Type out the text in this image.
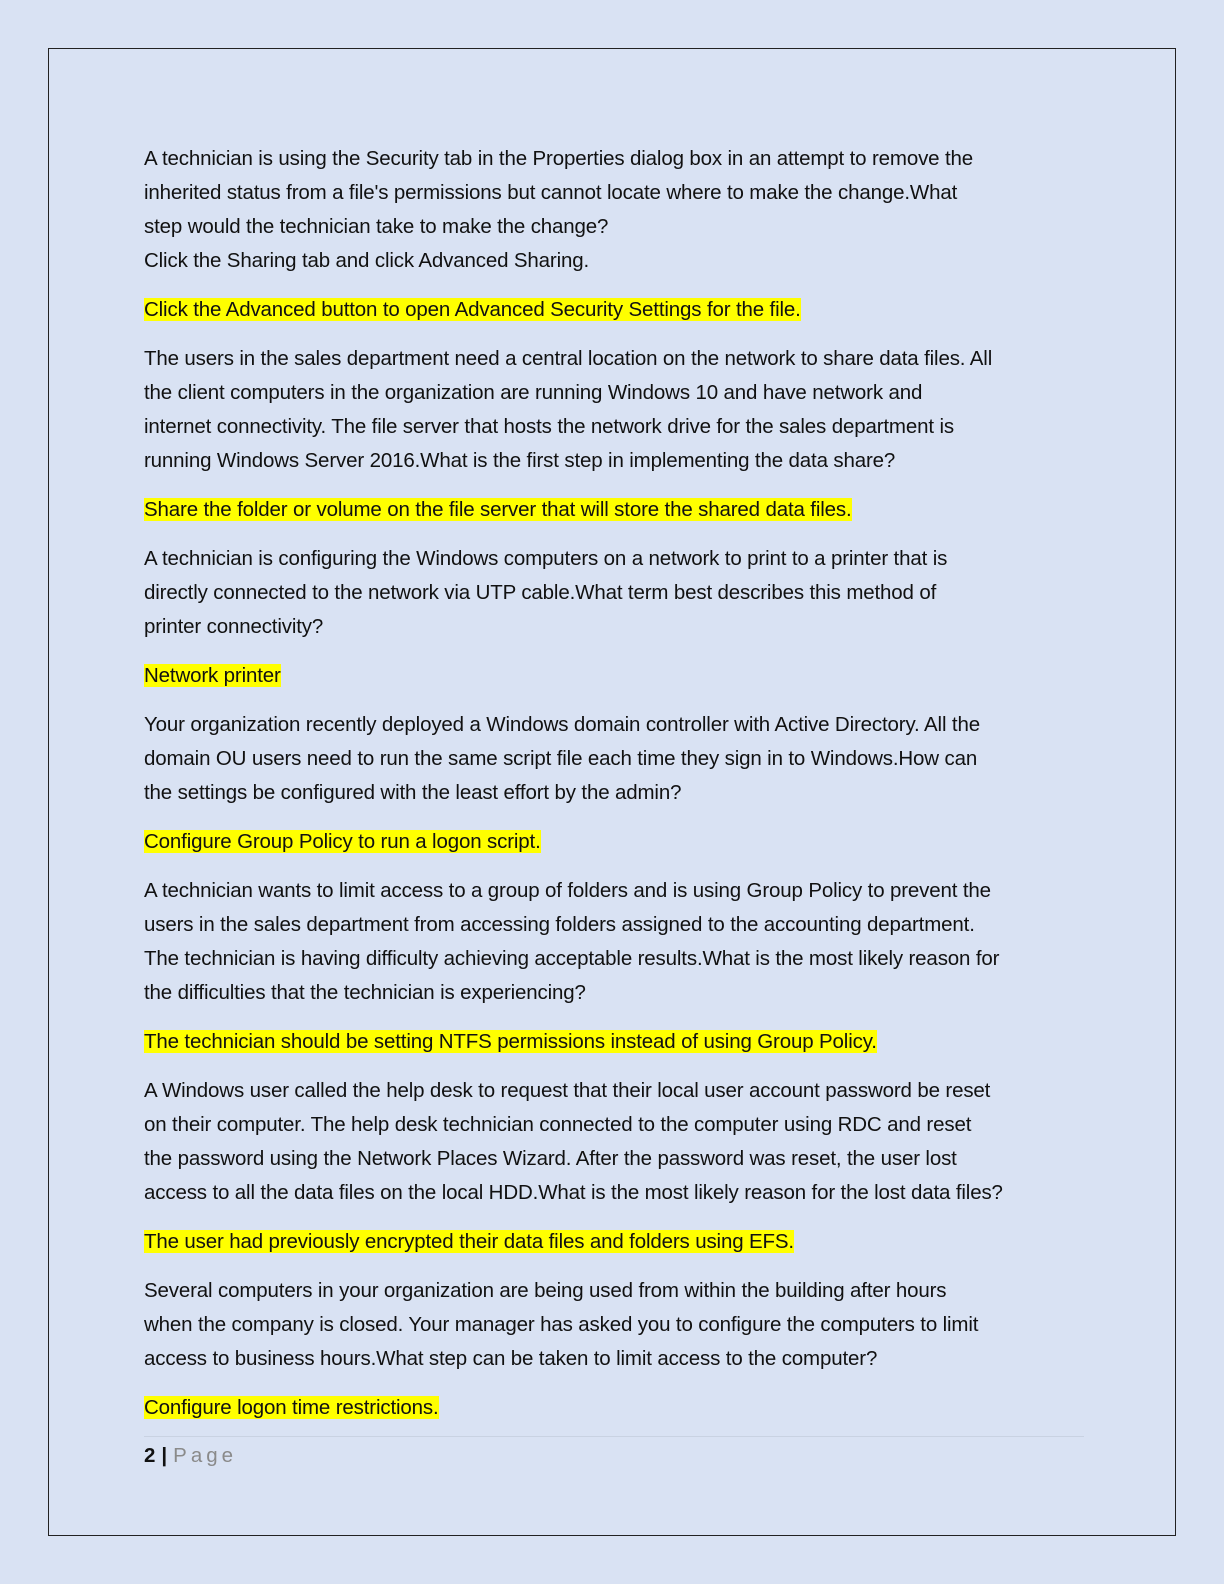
A technician is using the Security tab in the Properties dialog box in an attempt to remove the
inherited status from a file's permissions but cannot locate where to make the change.What
step would the technician take to make the change?
Click the Sharing tab and click Advanced Sharing.
Click the Advanced button to open Advanced Security Settings for the file.
The users in the sales department need a central location on the network to share data files. All
the client computers in the organization are running Windows 10 and have network and
internet connectivity. The file server that hosts the network drive for the sales department is
running Windows Server 2016.What is the first step in implementing the data share?
Share the folder or volume on the file server that will store the shared data files.
A technician is configuring the Windows computers on a network to print to a printer that is
directly connected to the network via UTP cable.What term best describes this method of
printer connectivity?
Network printer
Your organization recently deployed a Windows domain controller with Active Directory. All the
domain OU users need to run the same script file each time they sign in to Windows.How can
the settings be configured with the least effort by the admin?
Configure Group Policy to run a logon script.
A technician wants to limit access to a group of folders and is using Group Policy to prevent the
users in the sales department from accessing folders assigned to the accounting department.
The technician is having difficulty achieving acceptable results.What is the most likely reason for
the difficulties that the technician is experiencing?
The technician should be setting NTFS permissions instead of using Group Policy.
A Windows user called the help desk to request that their local user account password be reset
on their computer. The help desk technician connected to the computer using RDC and reset
the password using the Network Places Wizard. After the password was reset, the user lost
access to all the data files on the local HDD.What is the most likely reason for the lost data files?
The user had previously encrypted their data files and folders using EFS.
Several computers in your organization are being used from within the building after hours
when the company is closed. Your manager has asked you to configure the computers to limit
access to business hours.What step can be taken to limit access to the computer?
Configure logon time restrictions.
2 | Page
